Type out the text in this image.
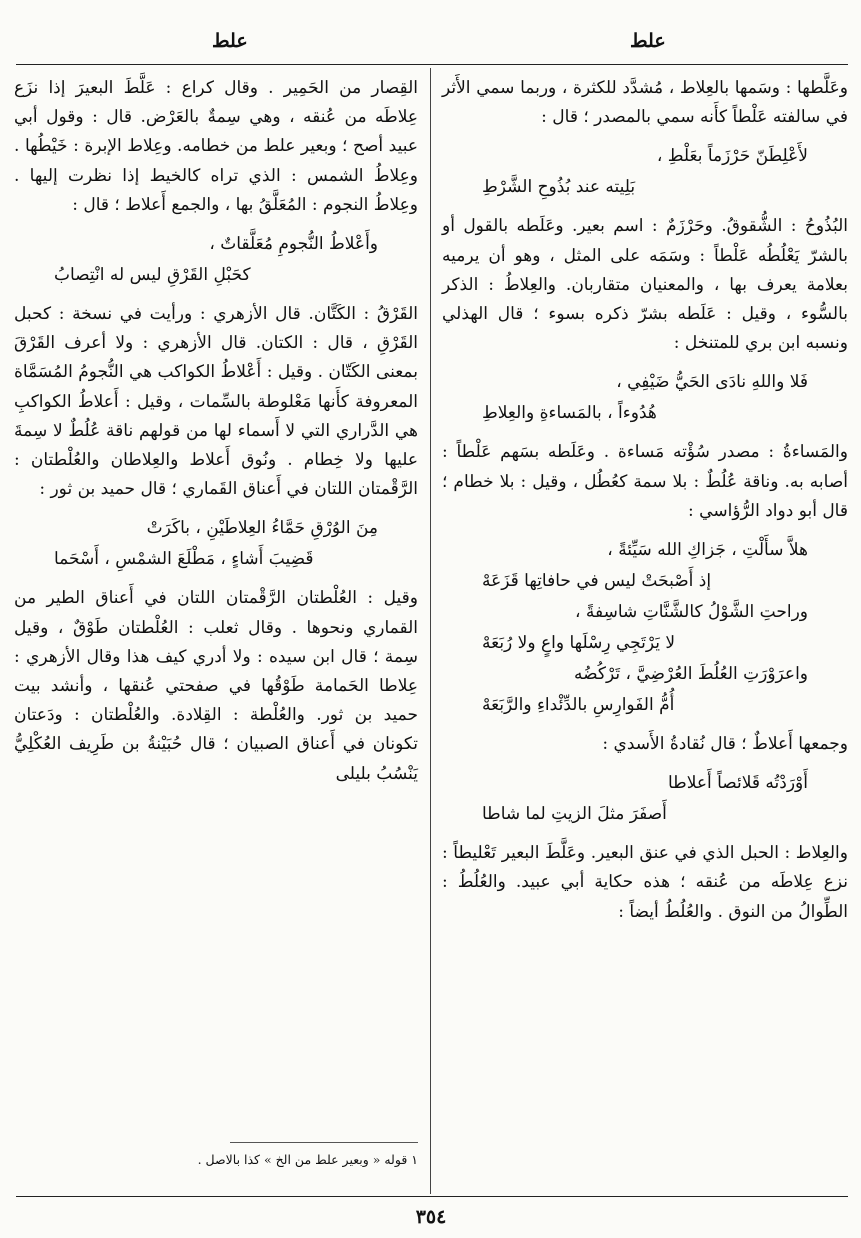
علط	علط

وعَلَّطها : وسَمها بالعِلاط ، مُشدَّد للكثرة ، وربما سمي الأَثر في سالفته عَلْطاً كأَنه سمي بالمصدر ؛ قال :

لأَعْلِطَنّ حَرْزَماً بعَلْطِ ،
بَلِيته عند بُذُوحِ الشَّرْطِ

البُذُوحُ : الشُّقوقُ. وحَرْزَمٌ : اسم بعير. وعَلَطه بالقول أو بالشرّ يَعْلُطُه عَلْطاً : وسَمَه على المثل ، وهو أن يرميه بعلامة يعرف بها ، والمعنيان متقاربان. والعِلاطُ : الذكر بالسُّوء ، وقيل : عَلَطه بشرّ ذكره بسوء ؛ قال الهذلي ونسبه ابن بري للمتنخل :

فَلا واللهِ نادَى الحَيُّ ضَيْفِي ،
هُدُوءاً ، بالمَساءةِ والعِلاطِ

والمَساءةُ : مصدر سُؤْته مَساءة . وعَلَطه بسَهم عَلْطاً : أصابه به. وناقة عُلُطٌ : بلا سمة كعُطُل ، وقيل : بلا خطام ؛ قال أبو دواد الرُّؤاسي :

هلاَّ سأَلْتِ ، جَزاكِ الله سَيِّئةً ،
إذ أَصْبحَتْ ليس في حافاتِها قَزَعَهْ
وراحتِ الشَّوْلُ كالشَّنَّاتِ شاسِفةً ،
لا يَرْتَجِي رِسْلَها واعٍ ولا رُبَعَهْ
واعرَوْرَتِ العُلُطَ العُرْضِيَّ ، تَرْكُضُه
أُمُّ الفَوارِسِ بالدِّئْداءِ والرَّبَعَهْ

وجمعها أَعلاطٌ ؛ قال نُقادةُ الأَسدي :

أَوْرَدْتُه قَلائصاً أَعلاطا
أَصفَرَ مثلَ الزيتِ لما شاطا

والعِلاط : الحبل الذي في عنق البعير. وعَلَّطَ البعير تَعْليطاً : نزع عِلاطَه من عُنقه ؛ هذه حكاية أبي عبيد. والعُلُطُ : الطِّوالُ من النوق . والعُلُطُ أيضاً :

القِصار من الحَمِير . وقال كراع : عَلَّطَ البعيرَ إذا نزَع عِلاطَه من عُنقه ، وهي سِمةٌ بالعَرْض. قال : وقول أبي عبيد أصح ؛ وبعير علط من خطامه. وعِلاط الإبرة : خَيْطُها . وعِلاطُ الشمس : الذي تراه كالخيط إذا نظرت إليها . وعِلاطُ النجوم : المُعَلَّقُ بها ، والجمع أَعلاط ؛ قال :

وأَعْلاطُ النُّجومِ مُعَلَّقاتٌ ،
كحَبْلِ القَرْقِ ليس له انْتِصابُ

القَرْقُ : الكَتَّان. قال الأزهري : ورأيت في نسخة : كحبل القَرْقِ ، قال : الكتان. قال الأزهري : ولا أعرف القَرْقَ بمعنى الكَتّان . وقيل : أَعْلاطُ الكواكب هي النُّجومُ المُسَمَّاة المعروفة كأَنها مَعْلوطة بالسِّمات ، وقيل : أَعلاطُ الكواكبِ هي الدَّراري التي لا أَسماء لها من قولهم ناقة عُلُطٌ لا سِمةَ عليها ولا خِطام . ونُوق أَعلاط والعِلاطان والعُلْطتان : الرَّقْمتان اللتان في أَعناق القَماري ؛ قال حميد بن ثور :

مِنَ الوُرْقِ حَمَّاءُ العِلاطَيْنِ ، باكَرَتْ
قَضِيبَ أَشاءٍ ، مَطْلَعَ الشمْسِ ، أَسْحَما

وقيل : العُلْطتان الرَّقْمتان اللتان في أَعناق الطير من القماري ونحوها . وقال ثعلب : العُلْطتان طَوْقٌ ، وقيل سِمة ؛ قال ابن سيده : ولا أدري كيف هذا وقال الأزهري : عِلاطا الحَمامة طَوْقُها في صفحتي عُنقها ، وأنشد بيت حميد بن ثور. والعُلْطة : القِلادة. والعُلْطتان : ودَعتان تكونان في أَعناق الصبيان ؛ قال حُبَيْنةُ بن طَرِيف العُكْلِيُّ يَنْسُبُ بليلى

١ قوله « وبعير علط من الخ » كذا بالاصل .
٣٥٤
